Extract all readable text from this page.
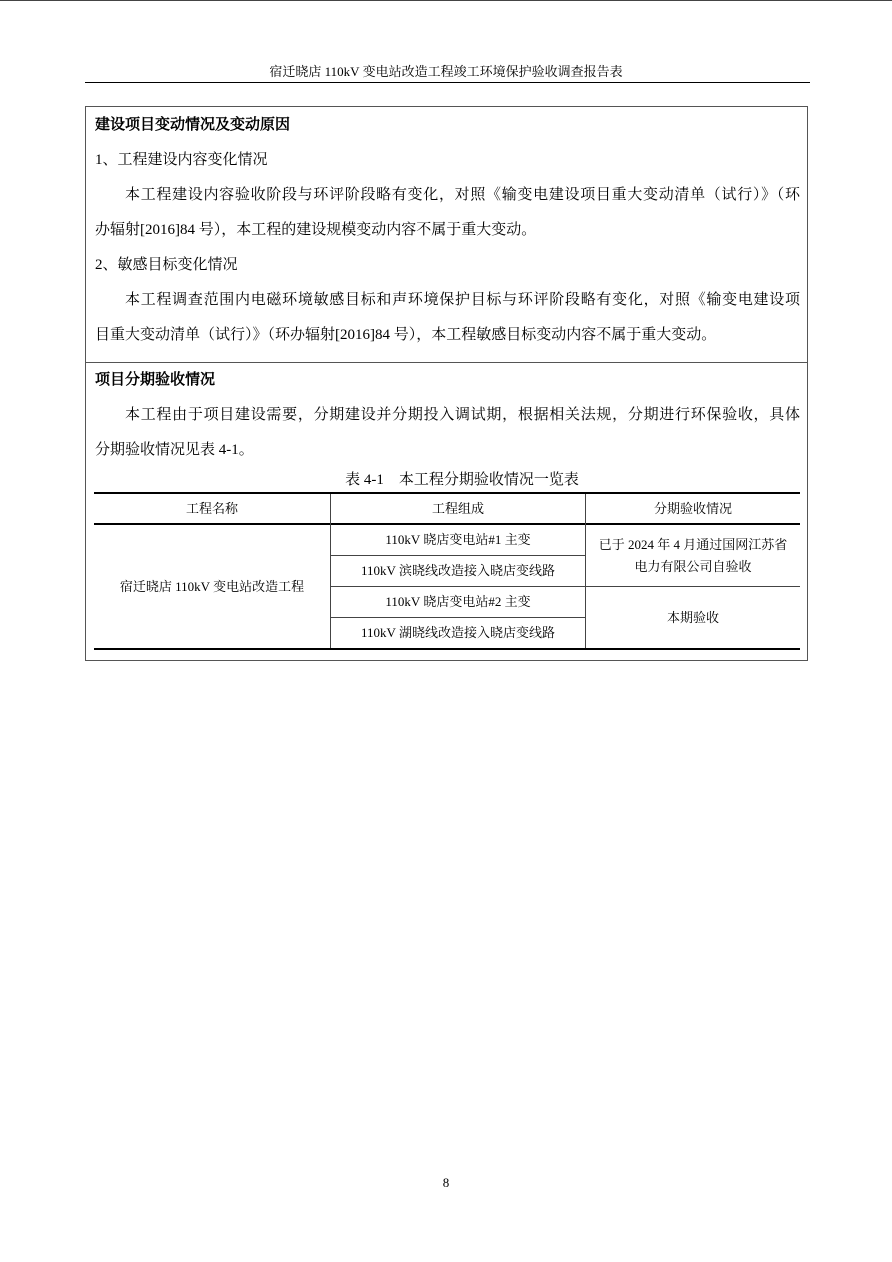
宿迁晓店 110kV 变电站改造工程竣工环境保护验收调查报告表
建设项目变动情况及变动原因
1、工程建设内容变化情况
本工程建设内容验收阶段与环评阶段略有变化，对照《输变电建设项目重大变动清单（试行）》（环
办辐射[2016]84 号），本工程的建设规模变动内容不属于重大变动。
2、敏感目标变化情况
本工程调查范围内电磁环境敏感目标和声环境保护目标与环评阶段略有变化，对照《输变电建设项
目重大变动清单（试行）》（环办辐射[2016]84 号），本工程敏感目标变动内容不属于重大变动。
项目分期验收情况
本工程由于项目建设需要，分期建设并分期投入调试期，根据相关法规，分期进行环保验收，具体
分期验收情况见表 4-1。
表 4-1　本工程分期验收情况一览表
工程名称	工程组成	分期验收情况
宿迁晓店 110kV 变电站改造工程
110kV 晓店变电站#1 主变
110kV 滨晓线改造接入晓店变线路
110kV 晓店变电站#2 主变
110kV 湖晓线改造接入晓店变线路
已于 2024 年 4 月通过国网江苏省
电力有限公司自验收
本期验收
8
